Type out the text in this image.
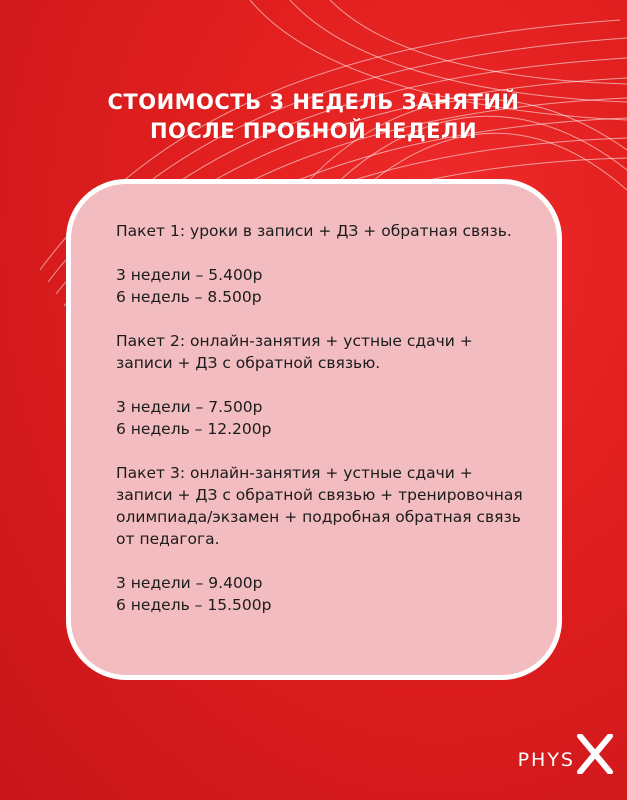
СТОИМОСТЬ 3 НЕДЕЛЬ ЗАНЯТИЙ
ПОСЛЕ ПРОБНОЙ НЕДЕЛИ

Пакет 1: уроки в записи + ДЗ + обратная связь.

3 недели – 5.400р
6 недель – 8.500р

Пакет 2: онлайн-занятия + устные сдачи + записи + ДЗ с обратной связью.

3 недели – 7.500р
6 недель – 12.200р

Пакет 3: онлайн-занятия + устные сдачи + записи + ДЗ с обратной связью + тренировочная олимпиада/экзамен + подробная обратная связь от педагога.

3 недели – 9.400р
6 недель – 15.500р

PHYS
